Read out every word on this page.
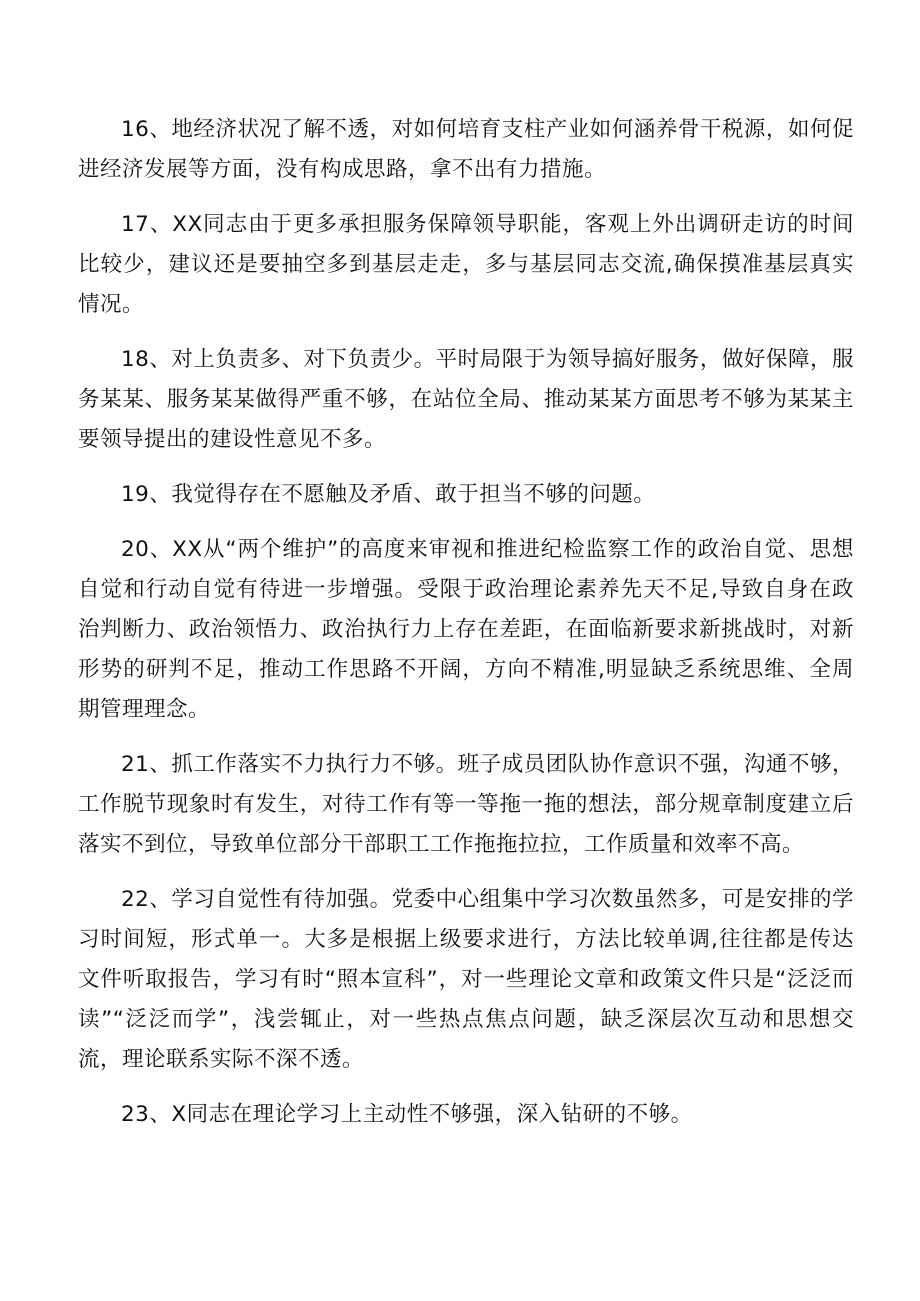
16、地经济状况了解不透，对如何培育支柱产业如何涵养骨干税源，如何促进经济发展等方面，没有构成思路，拿不出有力措施。

17、XX同志由于更多承担服务保障领导职能，客观上外出调研走访的时间比较少，建议还是要抽空多到基层走走，多与基层同志交流,确保摸准基层真实情况。

18、对上负责多、对下负责少。平时局限于为领导搞好服务，做好保障，服务某某、服务某某做得严重不够，在站位全局、推动某某方面思考不够为某某主要领导提出的建设性意见不多。

19、我觉得存在不愿触及矛盾、敢于担当不够的问题。

20、XX从“两个维护”的高度来审视和推进纪检监察工作的政治自觉、思想自觉和行动自觉有待进一步增强。受限于政治理论素养先天不足,导致自身在政治判断力、政治领悟力、政治执行力上存在差距，在面临新要求新挑战时，对新形势的研判不足，推动工作思路不开阔，方向不精准,明显缺乏系统思维、全周期管理理念。

21、抓工作落实不力执行力不够。班子成员团队协作意识不强，沟通不够，工作脱节现象时有发生，对待工作有等一等拖一拖的想法，部分规章制度建立后落实不到位，导致单位部分干部职工工作拖拖拉拉，工作质量和效率不高。

22、学习自觉性有待加强。党委中心组集中学习次数虽然多，可是安排的学习时间短，形式单一。大多是根据上级要求进行，方法比较单调,往往都是传达文件听取报告，学习有时“照本宣科”，对一些理论文章和政策文件只是“泛泛而读”“泛泛而学”，浅尝辄止，对一些热点焦点问题，缺乏深层次互动和思想交流，理论联系实际不深不透。

23、X同志在理论学习上主动性不够强，深入钻研的不够。
